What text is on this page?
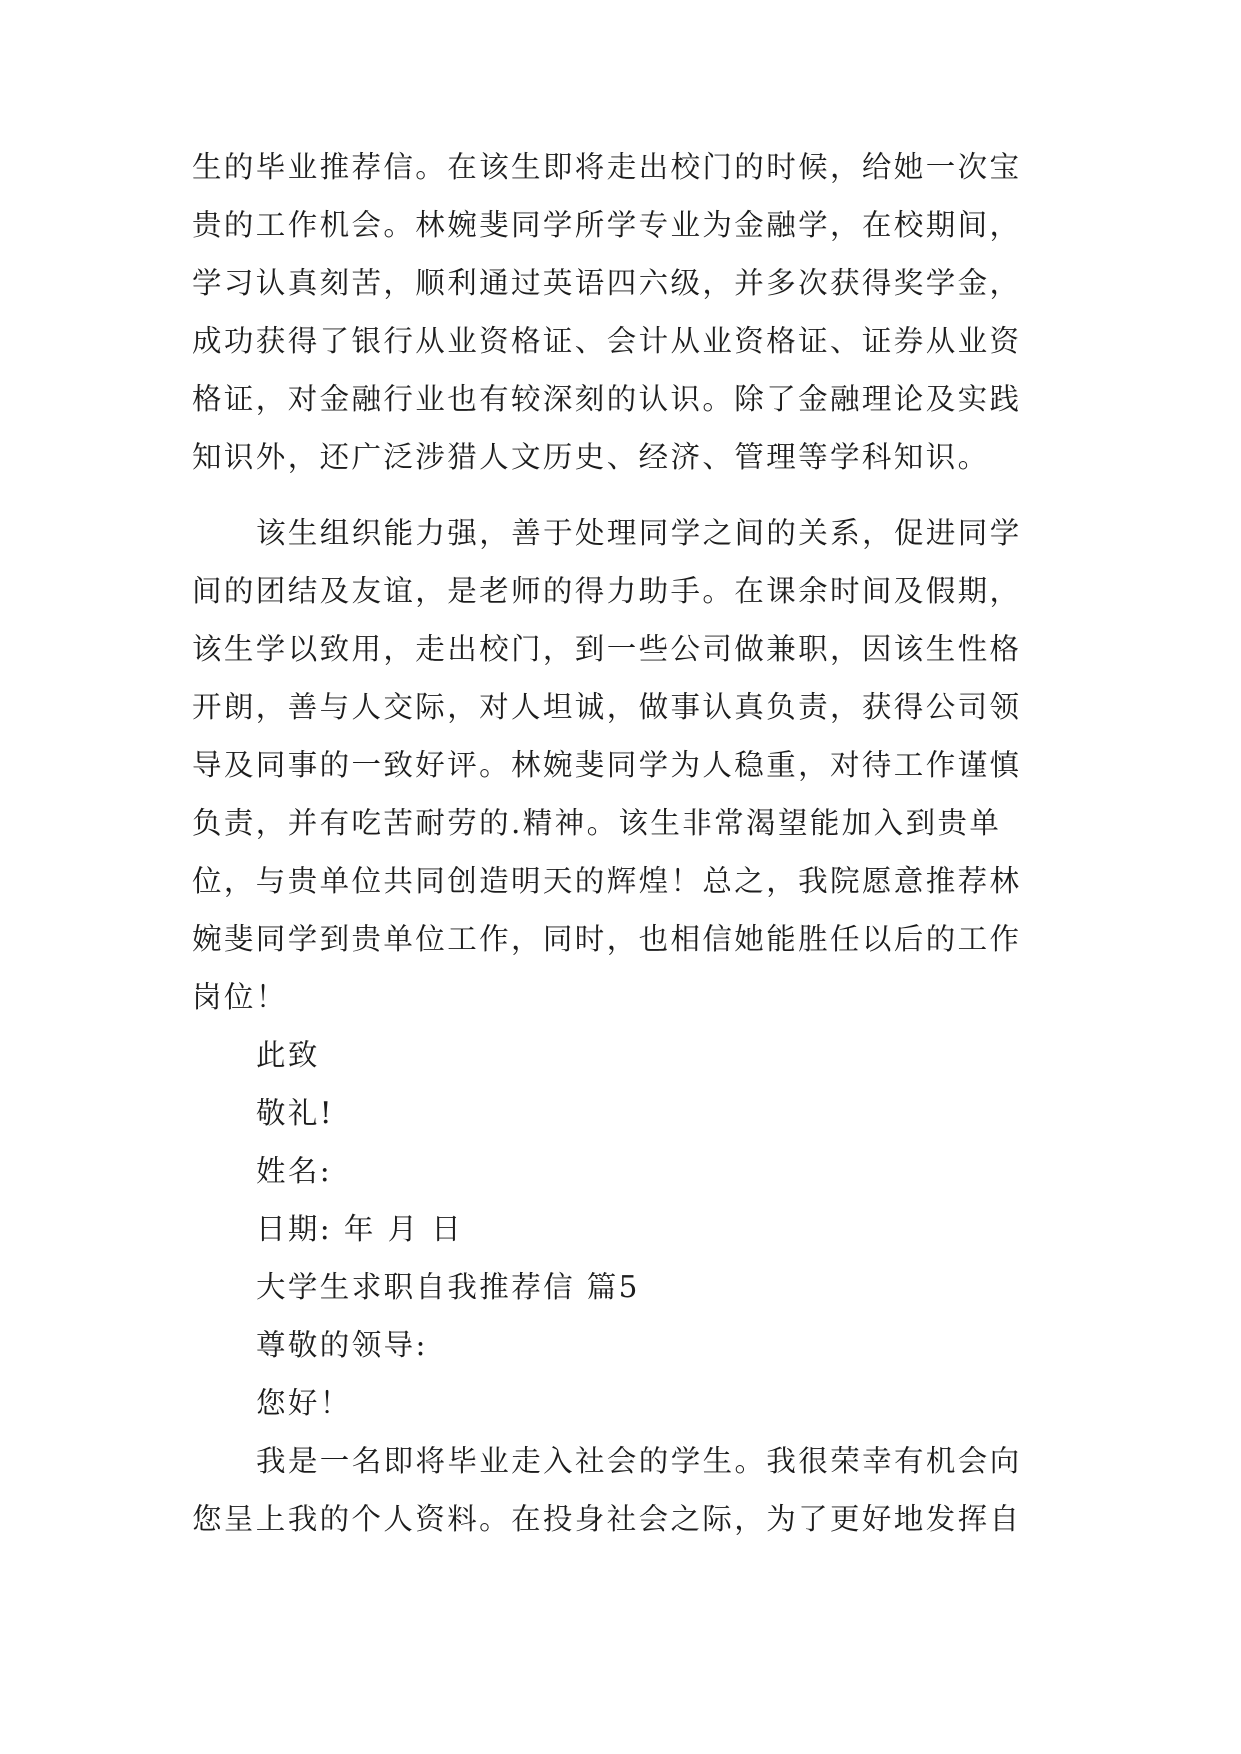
生的毕业推荐信。在该生即将走出校门的时候，给她一次宝

贵的工作机会。林婉斐同学所学专业为金融学，在校期间，

学习认真刻苦，顺利通过英语四六级，并多次获得奖学金，

成功获得了银行从业资格证、会计从业资格证、证券从业资

格证，对金融行业也有较深刻的认识。除了金融理论及实践

知识外，还广泛涉猎人文历史、经济、管理等学科知识。

该生组织能力强，善于处理同学之间的关系，促进同学

间的团结及友谊，是老师的得力助手。在课余时间及假期，

该生学以致用，走出校门，到一些公司做兼职，因该生性格

开朗，善与人交际，对人坦诚，做事认真负责，获得公司领

导及同事的一致好评。林婉斐同学为人稳重，对待工作谨慎

负责，并有吃苦耐劳的.精神。该生非常渴望能加入到贵单

位，与贵单位共同创造明天的辉煌！总之，我院愿意推荐林

婉斐同学到贵单位工作，同时，也相信她能胜任以后的工作

岗位！

此致

敬礼!

姓名:

日期: 年 月 日

大学生求职自我推荐信 篇5

尊敬的领导:

您好！

我是一名即将毕业走入社会的学生。我很荣幸有机会向

您呈上我的个人资料。在投身社会之际，为了更好地发挥自
